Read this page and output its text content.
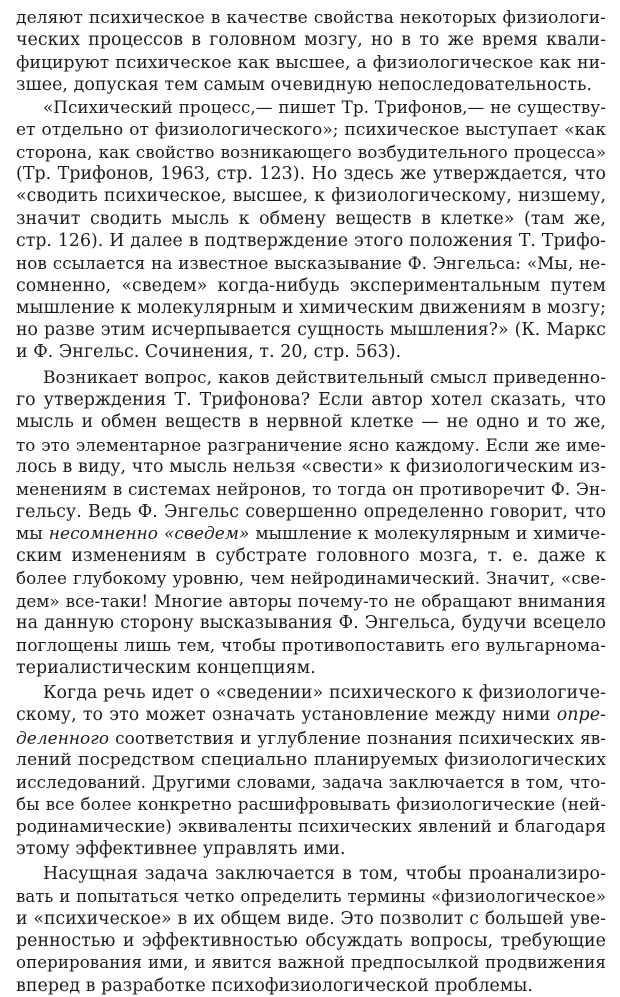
деляют психическое в качестве свойства некоторых физиологи-
ческих процессов в головном мозгу, но в то же время квали-
фицируют психическое как высшее, а физиологическое как ни-
зшее, допуская тем самым очевидную непоследовательность.
«Психический процесс,— пишет Тр. Трифонов,— не существу-
ет отдельно от физиологического»; психическое выступает «как
сторона, как свойство возникающего возбудительного процесса»
(Тр. Трифонов, 1963, стр. 123). Но здесь же утверждается, что
«сводить психическое, высшее, к физиологическому, низшему,
значит сводить мысль к обмену веществ в клетке» (там же,
стр. 126). И далее в подтверждение этого положения Т. Трифо-
нов ссылается на известное высказывание Ф. Энгельса: «Мы, не-
сомненно, «сведем» когда-нибудь экспериментальным путем
мышление к молекулярным и химическим движениям в мозгу;
но разве этим исчерпывается сущность мышления?» (К. Маркс
и Ф. Энгельс. Сочинения, т. 20, стр. 563).
Возникает вопрос, каков действительный смысл приведенно-
го утверждения Т. Трифонова? Если автор хотел сказать, что
мысль и обмен веществ в нервной клетке — не одно и то же,
то это элементарное разграничение ясно каждому. Если же име-
лось в виду, что мысль нельзя «свести» к физиологическим из-
менениям в системах нейронов, то тогда он противоречит Ф. Эн-
гельсу. Ведь Ф. Энгельс совершенно определенно говорит, что
мы несомненно «сведем» мышление к молекулярным и химиче-
ским изменениям в субстрате головного мозга, т. е. даже к
более глубокому уровню, чем нейродинамический. Значит, «све-
дем» все-таки! Многие авторы почему-то не обращают внимания
на данную сторону высказывания Ф. Энгельса, будучи всецело
поглощены лишь тем, чтобы противопоставить его вульгарнома-
териалистическим концепциям.
Когда речь идет о «сведении» психического к физиологиче-
скому, то это может означать установление между ними опре-
деленного соответствия и углубление познания психических яв-
лений посредством специально планируемых физиологических
исследований. Другими словами, задача заключается в том, что-
бы все более конкретно расшифровывать физиологические (ней-
родинамические) эквиваленты психических явлений и благодаря
этому эффективнее управлять ими.
Насущная задача заключается в том, чтобы проанализиро-
вать и попытаться четко определить термины «физиологическое»
и «психическое» в их общем виде. Это позволит с большей уве-
ренностью и эффективностью обсуждать вопросы, требующие
оперирования ими, и явится важной предпосылкой продвижения
вперед в разработке психофизиологической проблемы.
